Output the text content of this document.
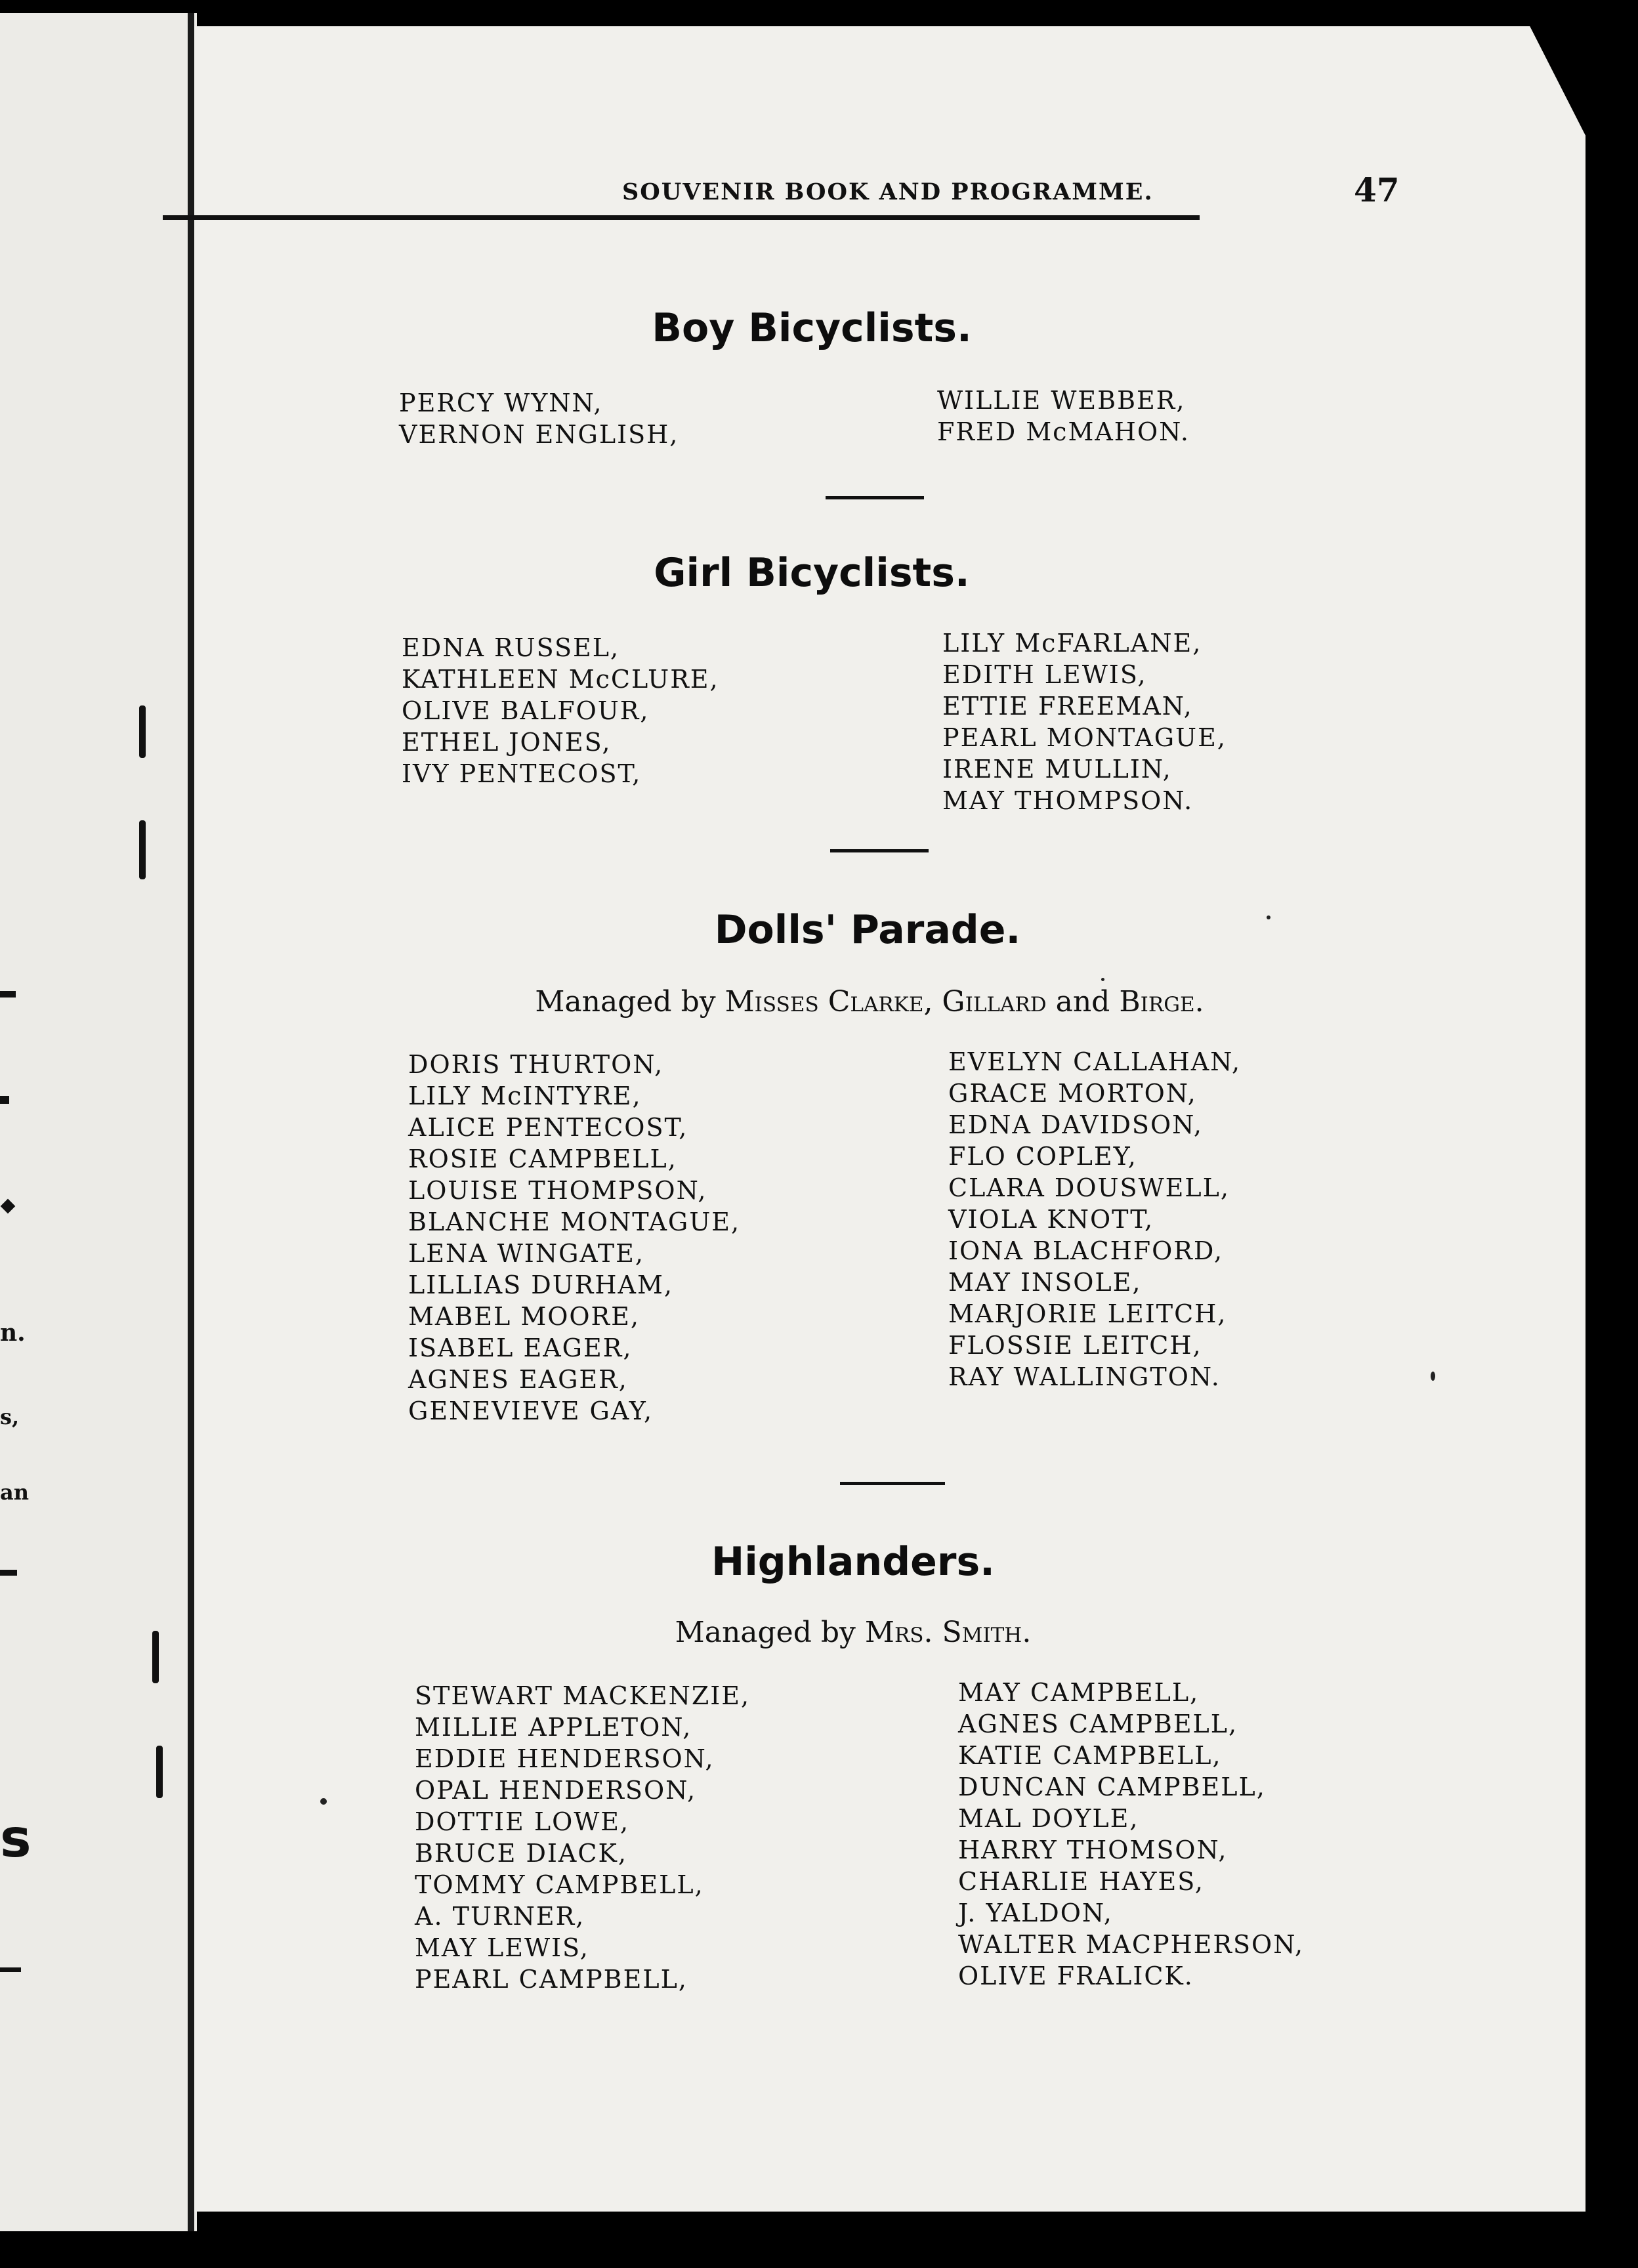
n.
s,
an
s
SOUVENIR BOOK AND PROGRAMME.	47
Boy Bicyclists.
PERCY WYNN,
VERNON ENGLISH,
WILLIE WEBBER,
FRED McMAHON.
Girl Bicyclists.
EDNA RUSSEL,
KATHLEEN McCLURE,
OLIVE BALFOUR,
ETHEL JONES,
IVY PENTECOST,
LILY McFARLANE,
EDITH LEWIS,
ETTIE FREEMAN,
PEARL MONTAGUE,
IRENE MULLIN,
MAY THOMPSON.
Dolls' Parade.
Managed by Misses Clarke, Gillard and Birge.
DORIS THURTON,
LILY McINTYRE,
ALICE PENTECOST,
ROSIE CAMPBELL,
LOUISE THOMPSON,
BLANCHE MONTAGUE,
LENA WINGATE,
LILLIAS DURHAM,
MABEL MOORE,
ISABEL EAGER,
AGNES EAGER,
GENEVIEVE GAY,
EVELYN CALLAHAN,
GRACE MORTON,
EDNA DAVIDSON,
FLO COPLEY,
CLARA DOUSWELL,
VIOLA KNOTT,
IONA BLACHFORD,
MAY INSOLE,
MARJORIE LEITCH,
FLOSSIE LEITCH,
RAY WALLINGTON.
Highlanders.
Managed by Mrs. Smith.
STEWART MACKENZIE,
MILLIE APPLETON,
EDDIE HENDERSON,
OPAL HENDERSON,
DOTTIE LOWE,
BRUCE DIACK,
TOMMY CAMPBELL,
A. TURNER,
MAY LEWIS,
PEARL CAMPBELL,
MAY CAMPBELL,
AGNES CAMPBELL,
KATIE CAMPBELL,
DUNCAN CAMPBELL,
MAL DOYLE,
HARRY THOMSON,
CHARLIE HAYES,
J. YALDON,
WALTER MACPHERSON,
OLIVE FRALICK.
